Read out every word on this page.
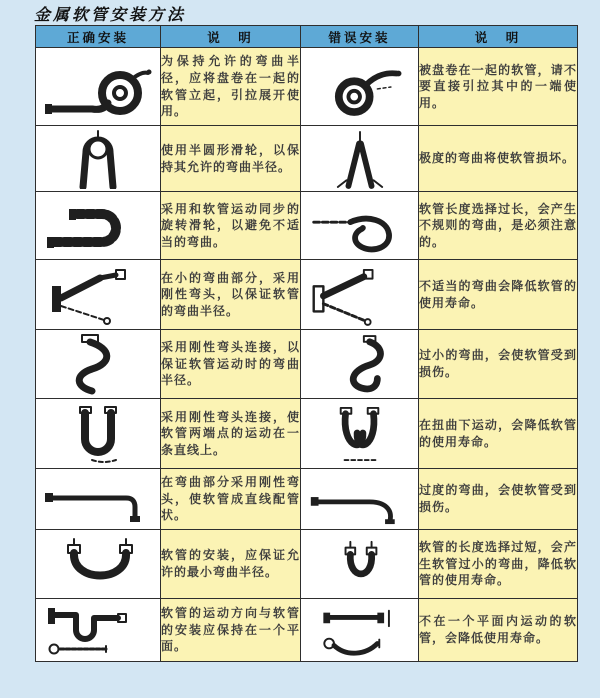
金属软管安装方法
正确安装	说　明	错误安装	说　明
	为保持允许的弯曲半径，应将盘卷在一起的软管立起，引拉展开使用。		被盘卷在一起的软管，请不要直接引拉其中的一端使用。
	使用半圆形滑轮，以保持其允许的弯曲半径。		极度的弯曲将使软管损坏。
	采用和软管运动同步的旋转滑轮，以避免不适当的弯曲。		软管长度选择过长，会产生不规则的弯曲，是必须注意的。
	在小的弯曲部分，采用刚性弯头，以保证软管的弯曲半径。		不适当的弯曲会降低软管的使用寿命。
	采用刚性弯头连接，以保证软管运动时的弯曲半径。		过小的弯曲，会使软管受到损伤。
	采用刚性弯头连接，使软管两端点的运动在一条直线上。		在扭曲下运动，会降低软管的使用寿命。
	在弯曲部分采用刚性弯头，使软管成直线配管状。		过度的弯曲，会使软管受到损伤。
	软管的安装，应保证允许的最小弯曲半径。		软管的长度选择过短，会产生软管过小的弯曲，降低软管的使用寿命。
	软管的运动方向与软管的安装应保持在一个平面。		不在一个平面内运动的软管，会降低使用寿命。
